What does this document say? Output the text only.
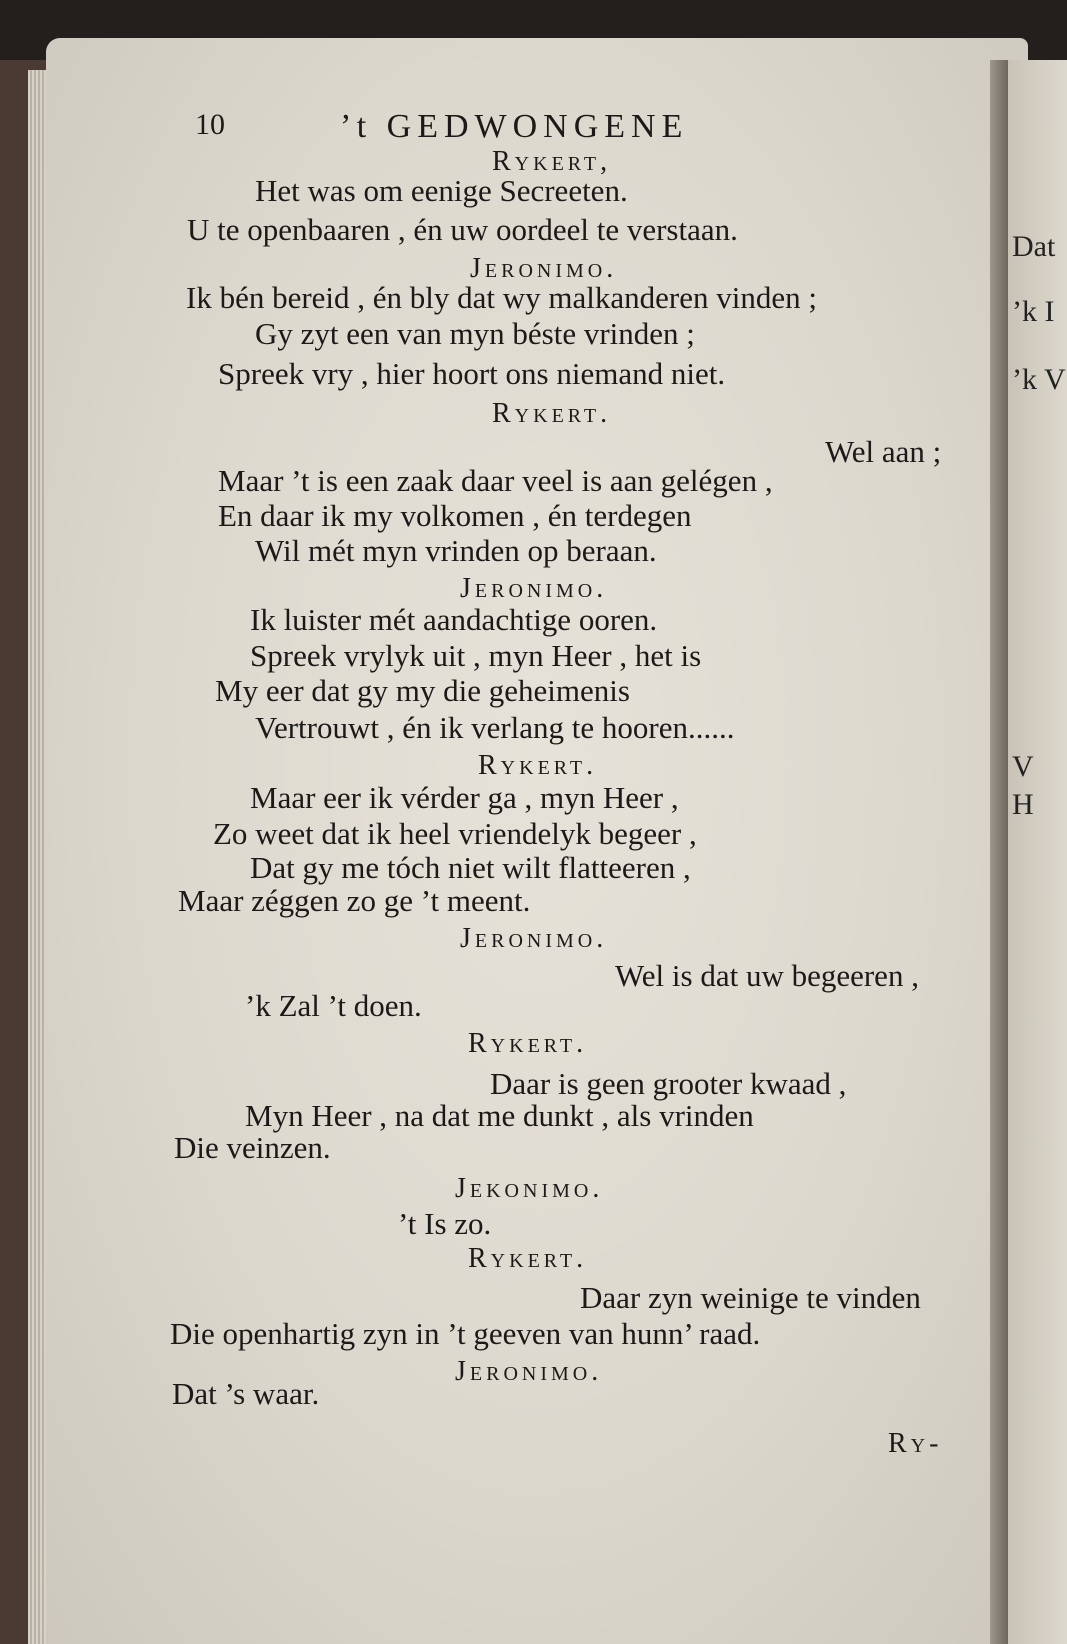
Dat
’k I
’k V
V
H
10	’t GEDWONGENE
Rykert,
Het was om eenige Secreeten.
U te openbaaren , én uw oordeel te verstaan.
Jeronimo.
Ik bén bereid , én bly dat wy malkanderen vinden ;
Gy zyt een van myn béste vrinden ;
Spreek vry , hier hoort ons niemand niet.
Rykert.
Wel aan ;
Maar ’t is een zaak daar veel is aan gelégen ,
En daar ik my volkomen , én terdegen
Wil mét myn vrinden op beraan.
Jeronimo.
Ik luister mét aandachtige ooren.
Spreek vrylyk uit , myn Heer , het is
My eer dat gy my die geheimenis
Vertrouwt , én ik verlang te hooren......
Rykert.
Maar eer ik vérder ga , myn Heer ,
Zo weet dat ik heel vriendelyk begeer ,
Dat gy me tóch niet wilt flatteeren ,
Maar zéggen zo ge ’t meent.
Jeronimo.
Wel is dat uw begeeren ,
’k Zal ’t doen.
Rykert.
Daar is geen grooter kwaad ,
Myn Heer , na dat me dunkt , als vrinden
Die veinzen.
Jekonimo.
’t Is zo.
Rykert.
Daar zyn weinige te vinden
Die openhartig zyn in ’t geeven van hunn’ raad.
Jeronimo.
Dat ’s waar.
Ry-
